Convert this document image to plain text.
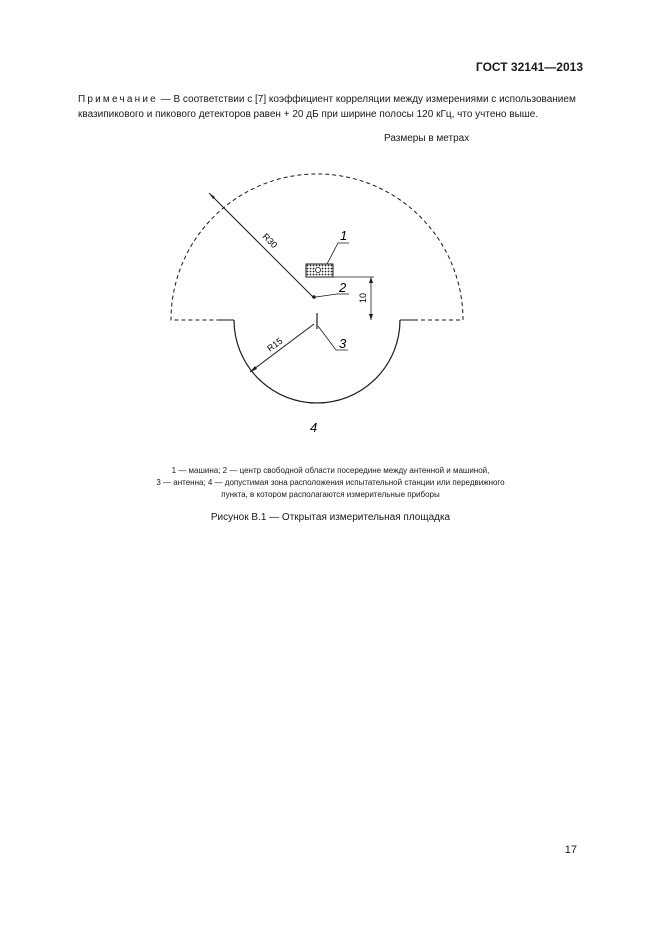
ГОСТ 32141—2013
Примечание — В соответствии с [7] коэффициент корреляции между измерениями с использованием
квазипикового и пикового детекторов равен + 20 дБ при ширине полосы 120 кГц, что учтено выше.
Размеры в метрах
R30
10
R15
1
2
3
4
1 — машина; 2 — центр свободной области посередине между антенной и машиной,
3 — антенна; 4 — допустимая зона расположения испытательной станции или передвижного
пункта, в котором располагаются измерительные приборы
Рисунок В.1 — Открытая измерительная площадка
17
